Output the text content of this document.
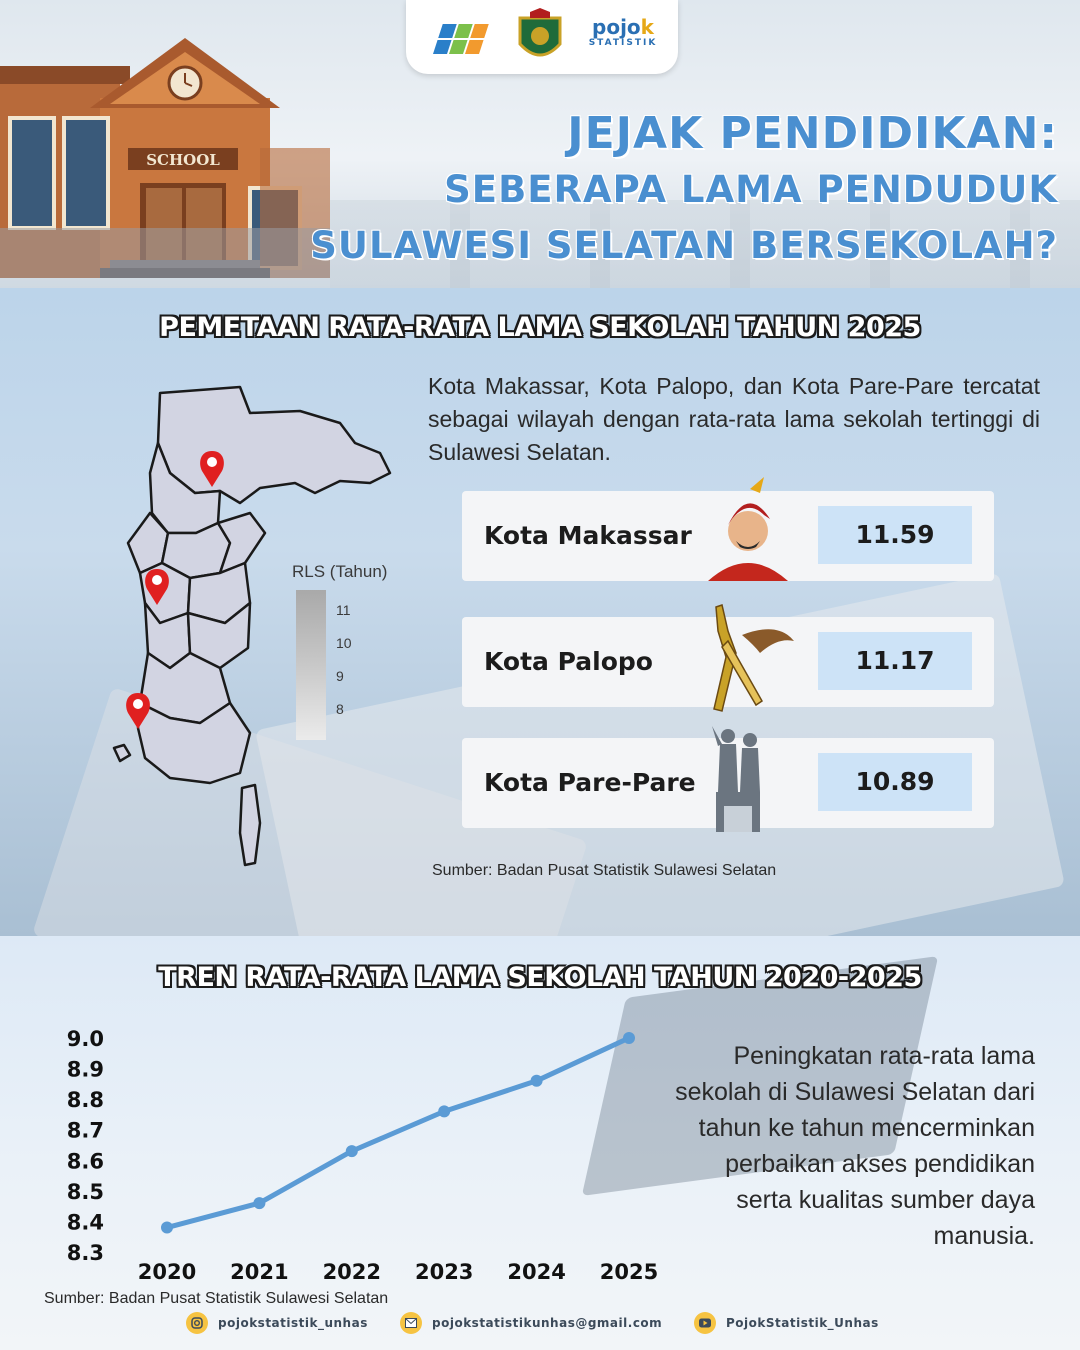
SCHOOL
pojok
STATISTIK
JEJAK PENDIDIKAN:
SEBERAPA LAMA PENDUDUK
SULAWESI SELATAN BERSEKOLAH?
PEMETAAN RATA-RATA LAMA SEKOLAH TAHUN 2025
RLS (Tahun)
11
10
9
8
Kota Makassar, Kota Palopo, dan Kota Pare-Pare tercatat sebagai wilayah dengan rata-rata lama sekolah tertinggi di Sulawesi Selatan.
Kota Makassar	11.59
Kota Palopo	11.17
Kota Pare-Pare	10.89
Sumber: Badan Pusat Statistik Sulawesi Selatan
TREN RATA-RATA LAMA SEKOLAH TAHUN 2020-2025
9.0
8.9
8.8
8.7
8.6
8.5
8.4
8.3
2020 2021 2022 2023 2024 2025
Peningkatan rata-rata lama sekolah di Sulawesi Selatan dari tahun ke tahun mencerminkan perbaikan akses pendidikan serta kualitas sumber daya manusia.
Sumber: Badan Pusat Statistik Sulawesi Selatan
pojokstatistik_unhas	pojokstatistikunhas@gmail.com	PojokStatistik_Unhas
